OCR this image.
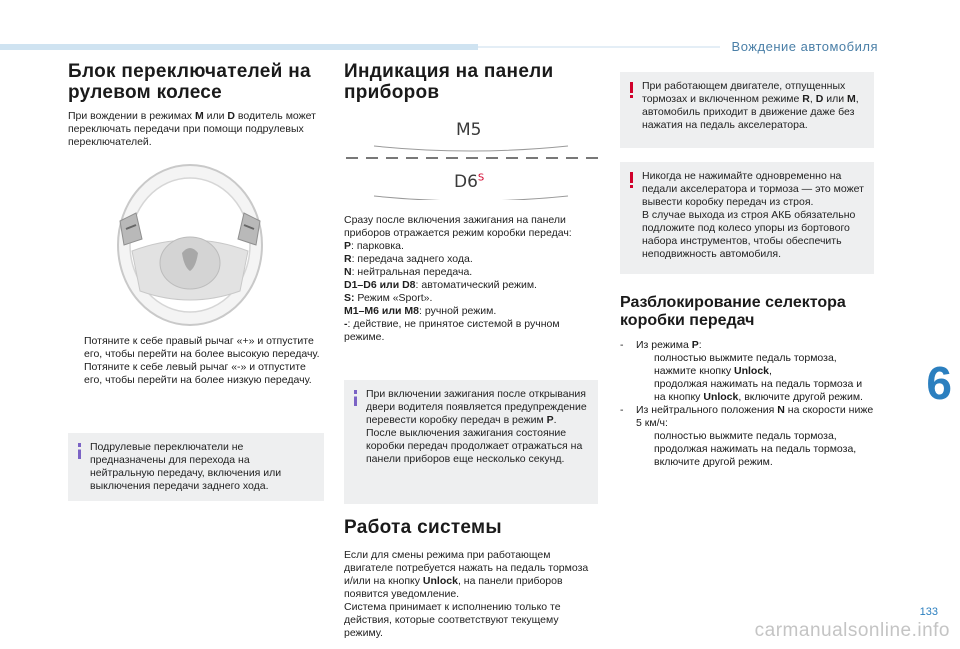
Вождение автомобиля
6
133
carmanualsonline.info
Блок переключателей на
рулевом колесе

При вождении в режимах M или D водитель может переключать передачи при помощи подрулевых переключателей.

Потяните к себе правый рычаг «+» и отпустите его, чтобы перейти на более высокую передачу.
Потяните к себе левый рычаг «-» и отпустите его, чтобы перейти на более низкую передачу.

Подрулевые переключатели не предназначены для перехода на нейтральную передачу, включения или выключения передачи заднего хода.

Индикация на панели приборов
M5
$D6^S$

Сразу после включения зажигания на панели приборов отражается режим коробки передач:

P: парковка.

R: передача заднего хода.

N: нейтральная передача.

D1–D6 или D8: автоматический режим.

S: Режим «Sport».

M1–M6 или M8: ручной режим.

-: действие, не принятое системой в ручном режиме.

При включении зажигания после открывания двери водителя появляется предупреждение перевести коробку передач в режим P.

После выключения зажигания состояние коробки передач продолжает отражаться на панели приборов еще несколько секунд.

Работа системы

Если для смены режима при работающем двигателе потребуется нажать на педаль тормоза и/или на кнопку Unlock, на панели приборов появится уведомление.

Система принимает к исполнению только те действия, которые соответствуют текущему режиму.

При работающем двигателе, отпущенных тормозах и включенном режиме R, D или M, автомобиль приходит в движение даже без нажатия на педаль акселератора.

Никогда не нажимайте одновременно на педали акселератора и тормоза — это может вывести коробку передач из строя.

В случае выхода из строя АКБ обязательно подложите под колесо упоры из бортового набора инструментов, чтобы обеспечить неподвижность автомобиля.

Разблокирование селектора
коробки передач
-	Из режима P:
полностью выжмите педаль тормоза,
нажмите кнопку Unlock,
продолжая нажимать на педаль тормоза и на кнопку Unlock, включите другой режим.
-	Из нейтрального положения N на скорости ниже 5 км/ч:
полностью выжмите педаль тормоза,
продолжая нажимать на педаль тормоза, включите другой режим.
